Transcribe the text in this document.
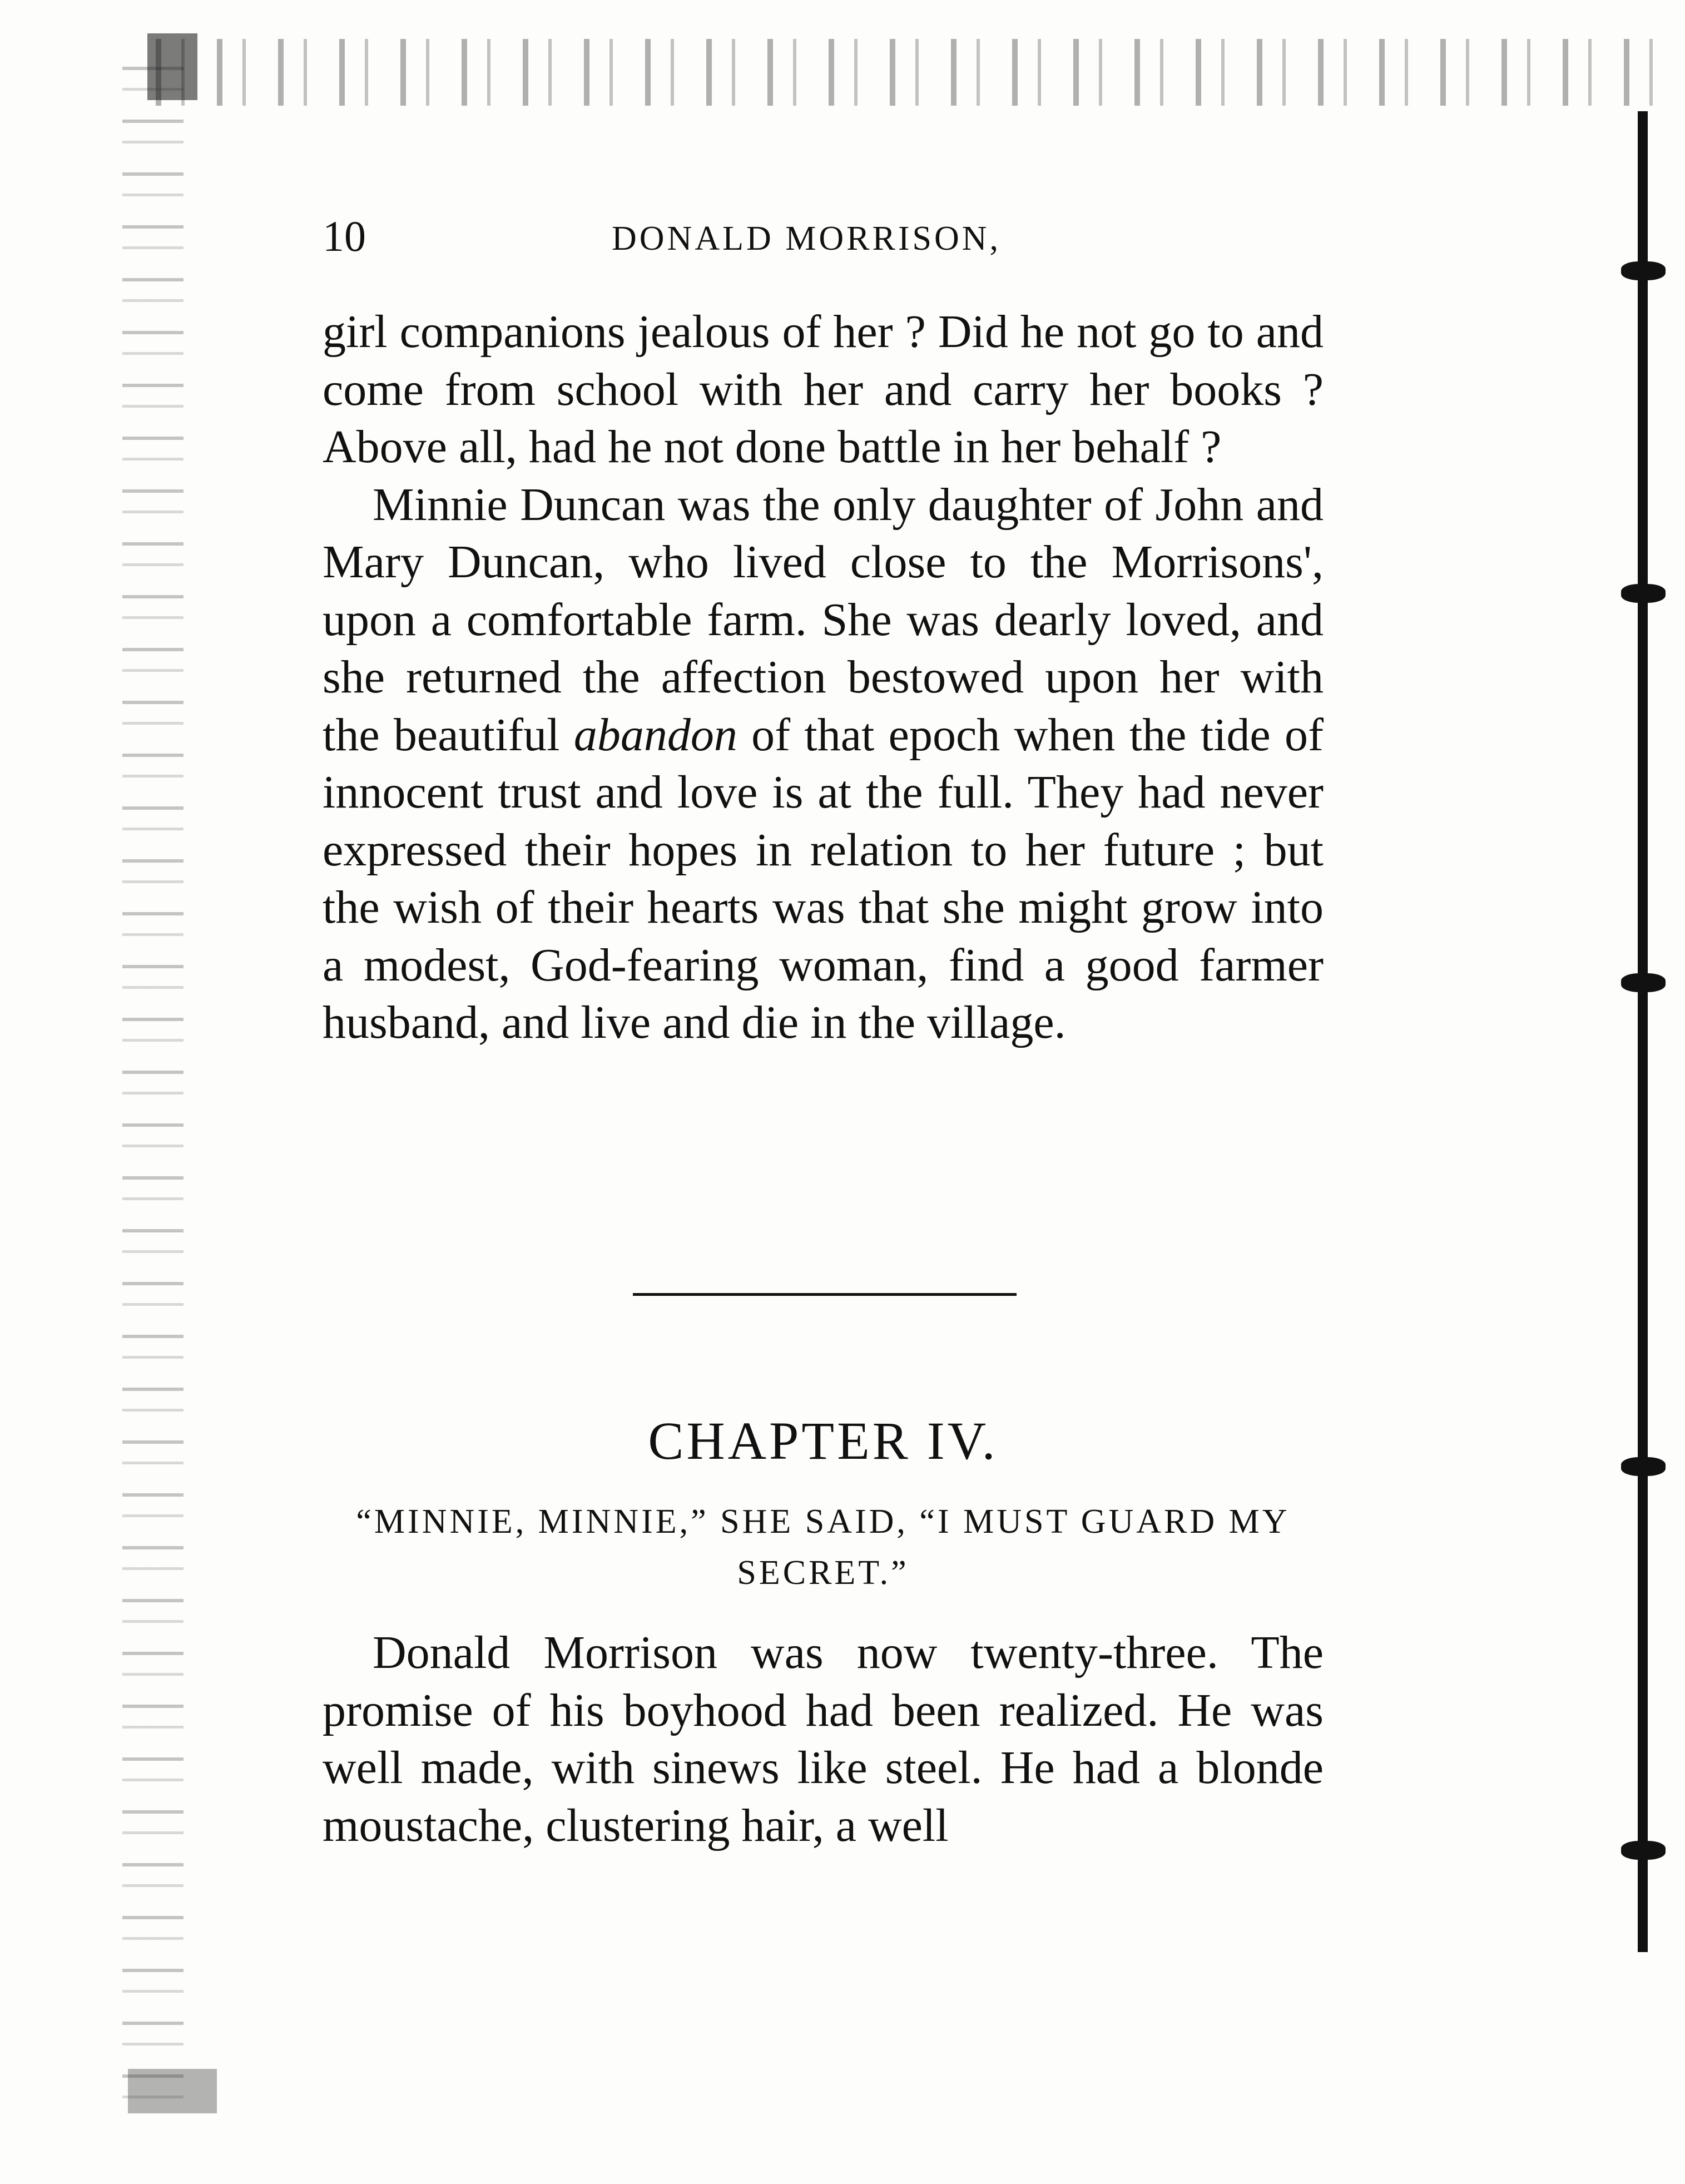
10	DONALD MORRISON,

girl companions jealous of her ? Did he not go to and come from school with her and carry her books ? Above all, had he not done battle in her behalf ?

Minnie Duncan was the only daughter of John and Mary Duncan, who lived close to the Morrisons', upon a comfortable farm. She was dearly loved, and she returned the affection bestowed upon her with the beautiful abandon of that epoch when the tide of innocent trust and love is at the full. They had never expressed their hopes in relation to her future ; but the wish of their hearts was that she might grow into a modest, God-fearing woman, find a good farmer husband, and live and die in the village.

CHAPTER IV.
“MINNIE, MINNIE,” SHE SAID, “I MUST GUARD MY SECRET.”

Donald Morrison was now twenty-three. The promise of his boyhood had been realized. He was well made, with sinews like steel. He had a blonde moustache, clustering hair, a well
